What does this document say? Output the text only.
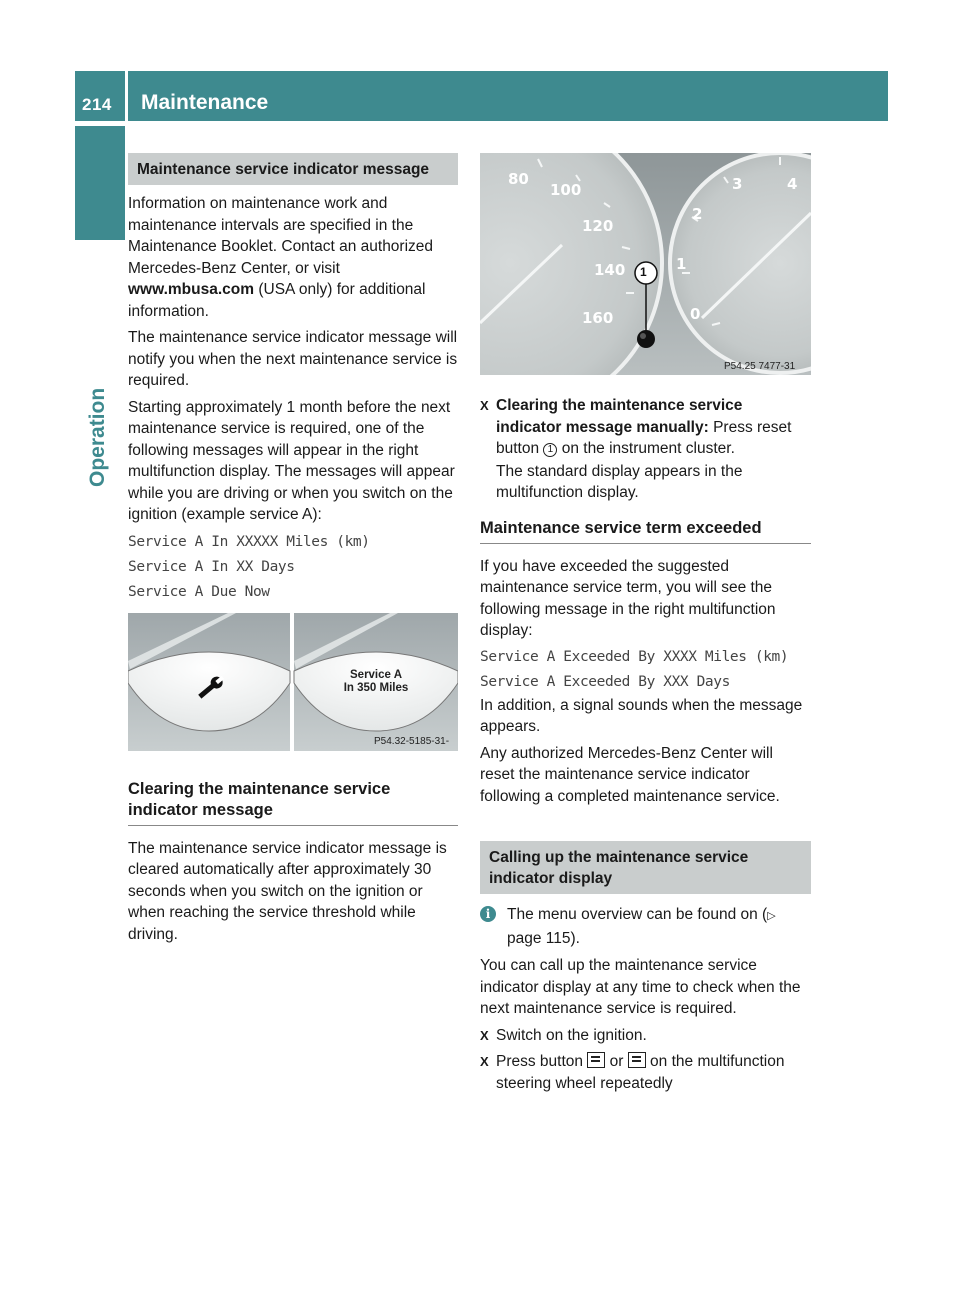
214 Maintenance
Operation
Maintenance service indicator message

Information on maintenance work and maintenance intervals are specified in the Maintenance Booklet. Contact an authorized Mercedes-Benz Center, or visit www.mbusa.com (USA only) for additional information.

The maintenance service indicator message will notify you when the next maintenance service is required.

Starting approximately 1 month before the next maintenance service is required, one of the following messages will appear in the right multifunction display. The messages will appear while you are driving or when you switch on the ignition (example service A):

Service A In XXXXX Miles (km)
Service A In XX Days
Service A Due Now
Service A
In 350 Miles
P54.32-5185-31-
Clearing the maintenance service indicator message

The maintenance service indicator message is cleared automatically after approximately 30 seconds when you switch on the ignition or when reaching the service threshold while driving.

80
100
120
140
160	0
1
2
3	4
1
P54.25 7477-31
X Clearing the maintenance service indicator message manually: Press reset button 1 on the instrument cluster.

The standard display appears in the multifunction display.

Maintenance service term exceeded

If you have exceeded the suggested maintenance service term, you will see the following message in the right multifunction display:

Service A Exceeded By XXXX Miles (km)
Service A Exceeded By XXX Days

In addition, a signal sounds when the message appears.

Any authorized Mercedes-Benz Center will reset the maintenance service indicator following a completed maintenance service.

Calling up the maintenance service indicator display
i	The menu overview can be found on (▷ page 115).

You can call up the maintenance service indicator display at any time to check when the next maintenance service is required.

X Switch on the ignition.
X Press button  or  on the multifunction steering wheel repeatedly
